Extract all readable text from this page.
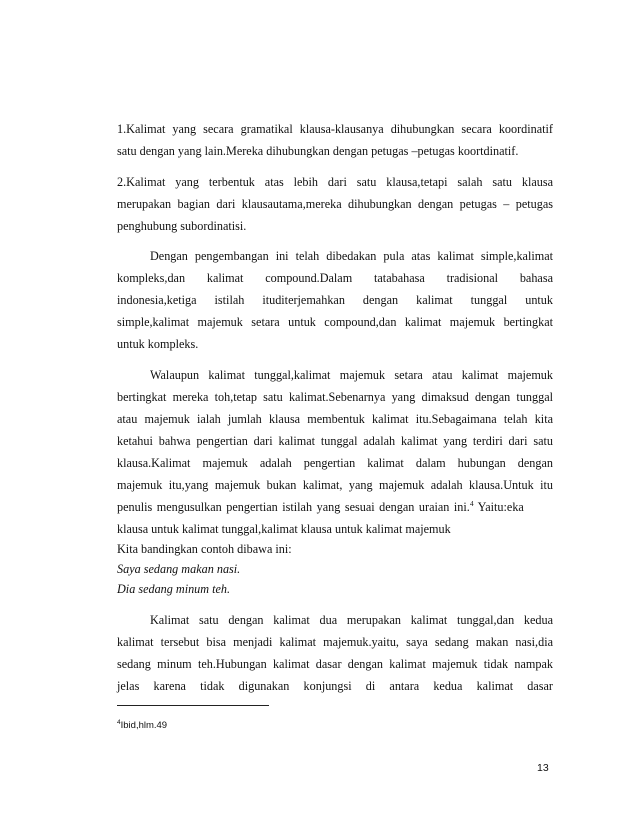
1.Kalimat yang secara gramatikal klausa-klausanya dihubungkan secara koordinatif
satu dengan yang lain.Mereka dihubungkan dengan petugas –petugas koortdinatif.
2.Kalimat yang terbentuk atas lebih dari satu klausa,tetapi salah satu klausa
merupakan bagian dari klausautama,mereka dihubungkan dengan petugas – petugas
penghubung subordinatisi.
Dengan pengembangan ini telah dibedakan pula atas kalimat simple,kalimat
kompleks,dan kalimat compound.Dalam tatabahasa tradisional bahasa
indonesia,ketiga istilah ituditerjemahkan dengan kalimat tunggal untuk
simple,kalimat majemuk setara untuk compound,dan kalimat majemuk bertingkat
untuk kompleks.
Walaupun kalimat tunggal,kalimat majemuk setara atau kalimat majemuk
bertingkat mereka toh,tetap satu kalimat.Sebenarnya yang dimaksud dengan tunggal
atau majemuk ialah jumlah klausa membentuk kalimat itu.Sebagaimana telah kita
ketahui bahwa pengertian dari kalimat tunggal adalah kalimat yang terdiri dari satu
klausa.Kalimat majemuk adalah pengertian kalimat dalam hubungan dengan
majemuk itu,yang majemuk bukan kalimat, yang majemuk adalah klausa.Untuk itu
penulis mengusulkan pengertian istilah yang sesuai dengan uraian ini.$^4$ Yaitu:eka
klausa untuk kalimat tunggal,kalimat klausa untuk kalimat majemuk
Kita bandingkan contoh dibawa ini:
Saya sedang makan nasi.
Dia sedang minum teh.
Kalimat satu dengan kalimat dua merupakan kalimat tunggal,dan kedua
kalimat tersebut bisa menjadi kalimat majemuk.yaitu, saya sedang makan nasi,dia
sedang minum teh.Hubungan kalimat dasar dengan kalimat majemuk tidak nampak
jelas karena tidak digunakan konjungsi di antara kedua kalimat dasar
$^4$Ibid,hlm.49
13
